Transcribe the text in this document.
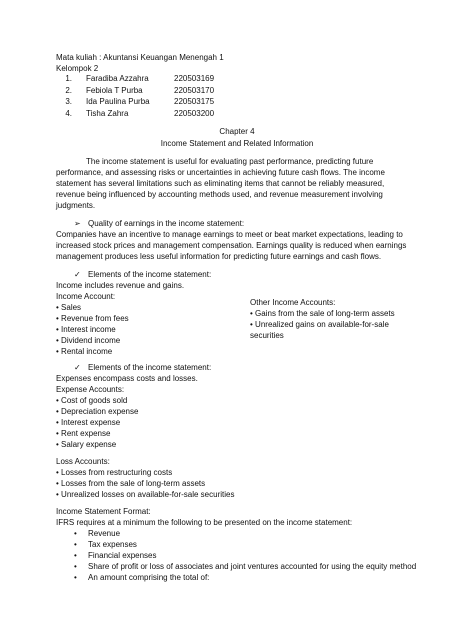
Mata kuliah : Akuntansi Keuangan Menengah 1
Kelompok 2
1. Faradiba Azzahra	220503169
2. Febiola T Purba	220503170
3. Ida Paulina Purba	220503175
4. Tisha Zahra	220503200
Chapter 4
Income Statement and Related Information
The income statement is useful for evaluating past performance, predicting future
performance, and assessing risks or uncertainties in achieving future cash flows. The income
statement has several limitations such as eliminating items that cannot be reliably measured,
revenue being influenced by accounting methods used, and revenue measurement involving
judgments.
➢ Quality of earnings in the income statement:
Companies have an incentive to manage earnings to meet or beat market expectations, leading to
increased stock prices and management compensation. Earnings quality is reduced when earnings
management produces less useful information for predicting future earnings and cash flows.
✓ Elements of the income statement:
Income includes revenue and gains.
Income Account:
• Sales
• Revenue from fees
• Interest income
• Dividend income
• Rental income
Other Income Accounts:
• Gains from the sale of long-term assets
• Unrealized gains on available-for-sale
securities
✓ Elements of the income statement:
Expenses encompass costs and losses.
Expense Accounts:
• Cost of goods sold
• Depreciation expense
• Interest expense
• Rent expense
• Salary expense
Loss Accounts:
• Losses from restructuring costs
• Losses from the sale of long-term assets
• Unrealized losses on available-for-sale securities
Income Statement Format:
IFRS requires at a minimum the following to be presented on the income statement:
• Revenue
• Tax expenses
• Financial expenses
• Share of profit or loss of associates and joint ventures accounted for using the equity method
• An amount comprising the total of:
